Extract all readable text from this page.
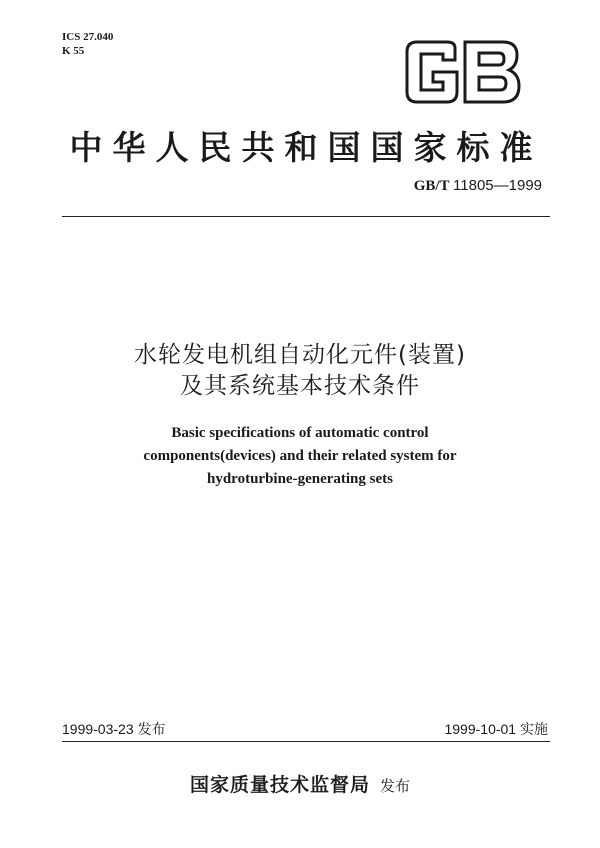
ICS 27.040
K 55
中华人民共和国国家标准
GB/T 11805—1999
水轮发电机组自动化元件(装置)
及其系统基本技术条件
Basic specifications of automatic control
components(devices) and their related system for
hydroturbine-generating sets
1999-03-23 发布	1999-10-01 实施
国家质量技术监督局 发布
